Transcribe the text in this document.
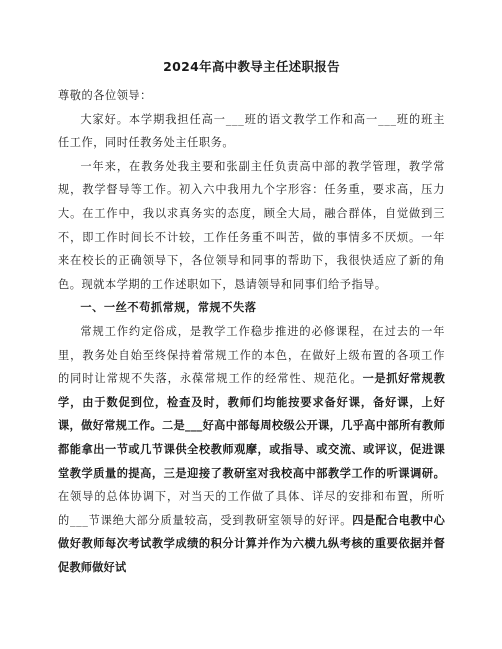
2024年高中教导主任述职报告

尊敬的各位领导：

大家好。本学期我担任高一___班的语文教学工作和高一___班的班主任工作，同时任教务处主任职务。

一年来，在教务处我主要和张副主任负责高中部的教学管理，教学常规，教学督导等工作。初入六中我用九个字形容：任务重，要求高，压力大。在工作中，我以求真务实的态度，顾全大局，融合群体，自觉做到三不，即工作时间长不计较，工作任务重不叫苦，做的事情多不厌烦。一年来在校长的正确领导下，各位领导和同事的帮助下，我很快适应了新的角色。现就本学期的工作述职如下，恳请领导和同事们给予指导。

一、一丝不苟抓常规，常规不失落

常规工作约定俗成，是教学工作稳步推进的必修课程，在过去的一年里，教务处自始至终保持着常规工作的本色，在做好上级布置的各项工作的同时让常规不失落，永葆常规工作的经常性、规范化。一是抓好常规教学，由于数促到位，检查及时，教师们均能按要求备好课，备好课，上好课，做好常规工作。二是___好高中部每周校级公开课，几乎高中部所有教师都能拿出一节或几节课供全校教师观摩，或指导、或交流、或评议，促进课堂教学质量的提高，三是迎接了教研室对我校高中部教学工作的听课调研。在领导的总体协调下，对当天的工作做了具体、详尽的安排和布置，所听的___节课绝大部分质量较高，受到教研室领导的好评。四是配合电教中心做好教师每次考试教学成绩的积分计算并作为六横九纵考核的重要依据并督促教师做好试
